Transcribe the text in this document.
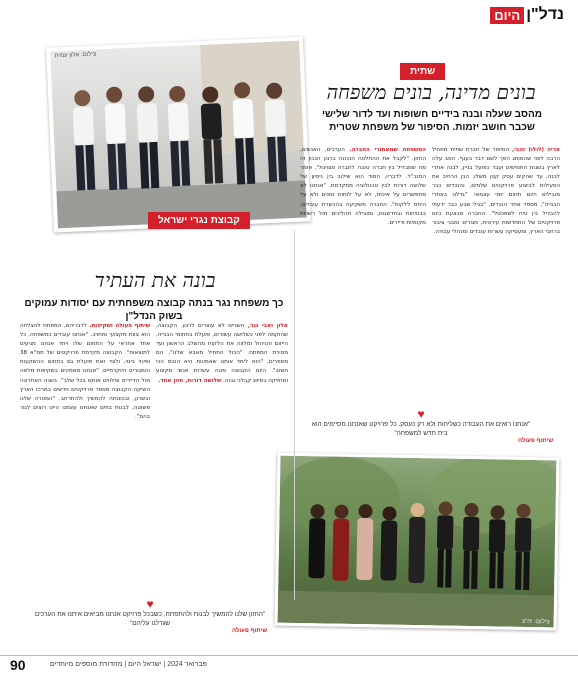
נדל"ן
היום
צילום: אלון עמית
שתית
בונים מדינה, בונים משפחה
מהסב שעלה ובנה בידיים חשופות ועד לדור שלישי שכבר חושב יזמות. הסיפור של משפחת שטרית
אריה (לולו) זהבי, הסיפור של חברת שתית מתחיל הרבה לפני שהמותג הפך לשם דבר בענף. הסב עלה לארץ בשנות החמישים ועבד כפועל בניין, לבנה אחרי לבנה, עד שהקים עסק קטן משלו. הבן הרחיב את הפעילות לביצוע פרויקטים שלמים, והנכדים כבר מובילים היום תחום יזמי עצמאי. "גדלנו באתרי הבנייה", מספר אחד הנכדים, "בגיל שבע כבר ידעתי להבדיל בין טיח לשפכטל". החברה מבצעת כיום פרויקטים של התחדשות עירונית, מגורים ומבני ציבור ברחבי הארץ, ומעסיקה עשרות עובדים ומנהלי עבודה.
המשפחה שמאחורי החברה. הערכים, האנשים, החזון. "לקבל את ההחלטה הנכונה ברגע הנכון זה מה שמבדיל בין חברה טובה לחברה מצוינת", אומר המנכ"ל. לדבריו, הסוד הוא שילוב בין ניסיון של שלושה דורות לבין טכנולוגיה מתקדמת. "אנחנו לא מתפשרים על איכות, לא על לוחות זמנים ולא על היחס ללקוח". החברה משקיעה בהכשרת עובדים, בבטיחות ובחדשנות, ומובילה תהליכים מול רשויות מקומיות ודיירים.
♥
"אנחנו רואים את העבודה כשליחות ולא רק כעסק. כל פרויקט שאנחנו מסיימים הוא בית חדש למשפחה"
שיתוף פעולה
קבוצת נגרי ישראל
בונה את העתיד
כך משפחת נגר בנתה קבוצה משפחתית עם יסודות עמוקים בשוק הנדל"ן
אלון ואבי נגר, השניים לא עוצרים לרגע. הקבוצה, שהוקמה לפני כשלושה עשורים, פועלת בתחומי הבנייה, הייזום והניהול ומלווה את הלקוח מהשלב הראשון ועד מסירת המפתח. "הכול התחיל מאבא שלנו", הם מספרים, "הוא לימד אותנו שאמינות היא הנכס הכי חשוב". היום הקבוצה מונה עשרות אנשי מקצוע ומחזיקה בסיווג קבלני גבוה. שלושה דורות, חזון אחד.
שיתוף פעולה ושקיפות. לדבריהם, המפתח להצלחה הוא צוות מקצועי ומחויב. "אנחנו עובדים כמשפחה, כל אחד אחראי על התחום שלו ויחד אנחנו מגיעים לתוצאות". הקבוצה מקדמת פרויקטים של תמ"א 38 ופינוי בינוי, ולצד זאת פועלת גם בתחום ההשקעות והמגורים היוקרתיים. "אנחנו מאמינים בשקיפות מלאה מול הדיירים ומלווים אותם בכל שלב". בשנה האחרונה השיקה הקבוצה מספר פרויקטים חדשים במרכז הארץ ובשרון, ובכוונתה להמשיך ולהתרחב. "המטרה שלנו פשוטה, לבנות בתים שאנחנו עצמנו היינו רוצים לגור בהם".
♥
"החזון שלנו להמשיך לבנות ולהתפתח, כשבכל פרויקט אנחנו מביאים איתנו את הערכים שגדלנו עליהם"
שיתוף פעולה
צילום: יח"צ
90	פברואר 2024 | ישראל היום | מהדורת מוספים מיוחדים
